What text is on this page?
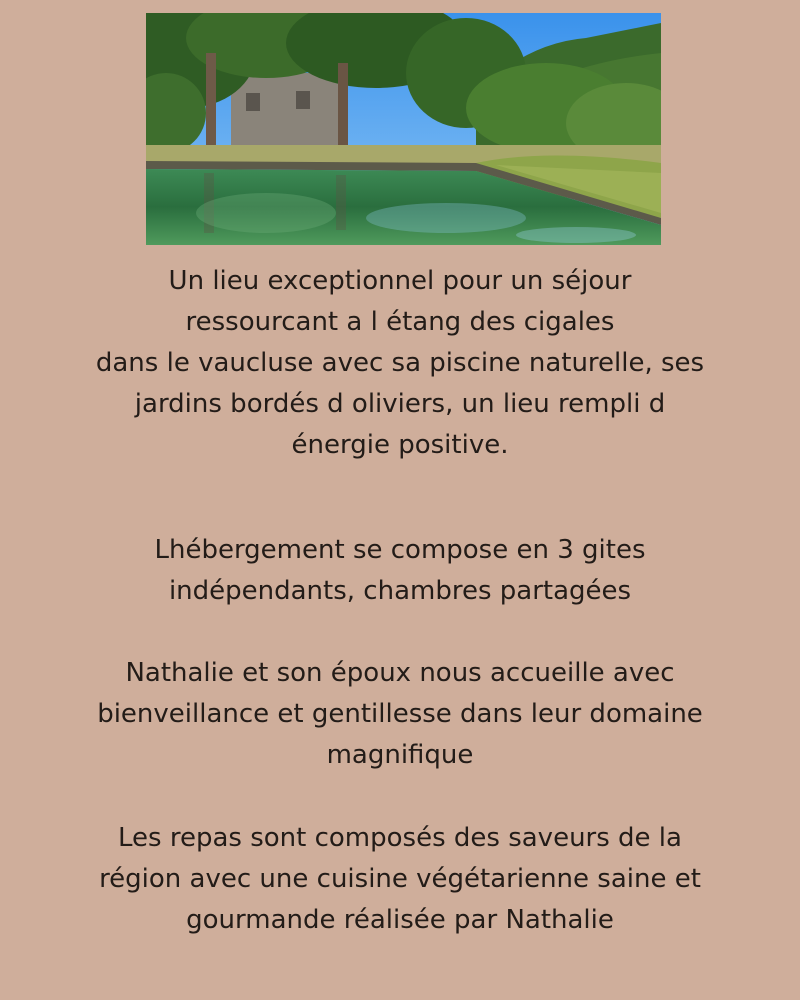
Un lieu exceptionnel pour un séjour
ressourcant a l étang des cigales
dans le vaucluse avec sa piscine naturelle, ses
jardins bordés d oliviers, un lieu rempli d
énergie positive.
Lhébergement se compose en 3 gites
indépendants, chambres partagées
Nathalie et son époux nous accueille avec
bienveillance et gentillesse dans leur domaine
magnifique
Les repas sont composés des saveurs de la
région avec une cuisine végétarienne saine et
gourmande réalisée par Nathalie
